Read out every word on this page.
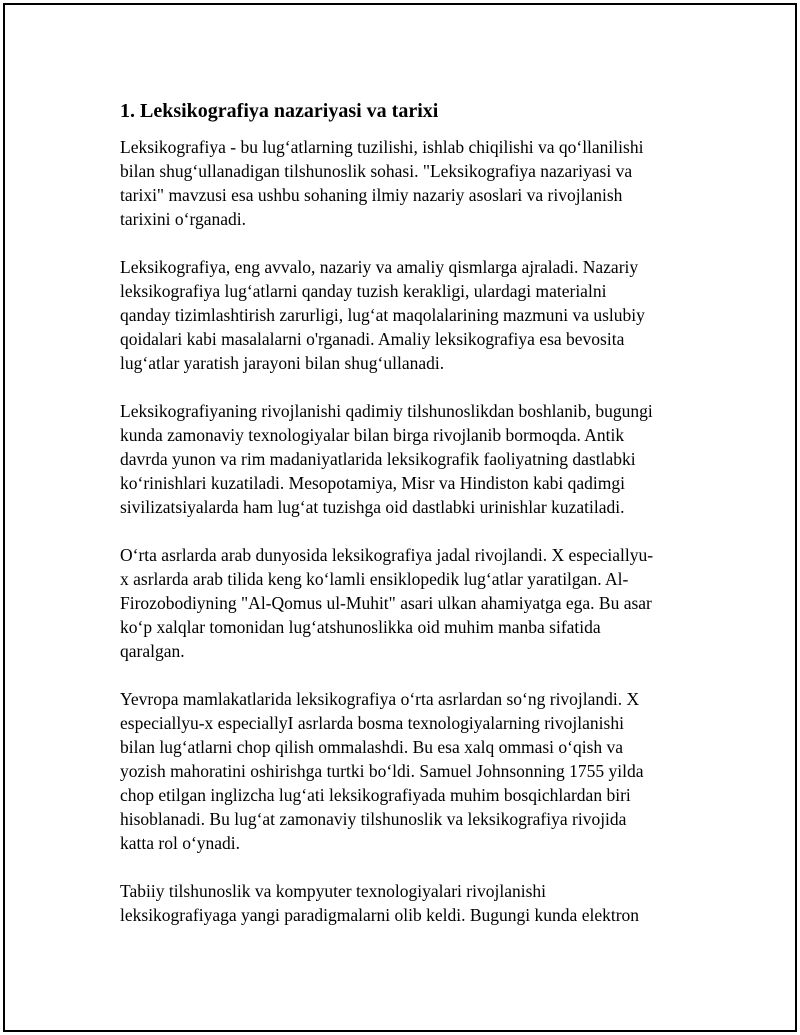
1. Leksikografiya nazariyasi va tarixi

Leksikografiya - bu lug‘atlarning tuzilishi, ishlab chiqilishi va qo‘llanilishi
bilan shug‘ullanadigan tilshunoslik sohasi. "Leksikografiya nazariyasi va
tarixi" mavzusi esa ushbu sohaning ilmiy nazariy asoslari va rivojlanish
tarixini o‘rganadi.

Leksikografiya, eng avvalo, nazariy va amaliy qismlarga ajraladi. Nazariy
leksikografiya lug‘atlarni qanday tuzish kerakligi, ulardagi materialni
qanday tizimlashtirish zarurligi, lug‘at maqolalarining mazmuni va uslubiy
qoidalari kabi masalalarni o'rganadi. Amaliy leksikografiya esa bevosita
lug‘atlar yaratish jarayoni bilan shug‘ullanadi.

Leksikografiyaning rivojlanishi qadimiy tilshunoslikdan boshlanib, bugungi
kunda zamonaviy texnologiyalar bilan birga rivojlanib bormoqda. Antik
davrda yunon va rim madaniyatlarida leksikografik faoliyatning dastlabki
ko‘rinishlari kuzatiladi. Mesopotamiya, Misr va Hindiston kabi qadimgi
sivilizatsiyalarda ham lug‘at tuzishga oid dastlabki urinishlar kuzatiladi.

O‘rta asrlarda arab dunyosida leksikografiya jadal rivojlandi. X especiallyu-
x asrlarda arab tilida keng ko‘lamli ensiklopedik lug‘atlar yaratilgan. Al-
Firozobodiyning "Al-Qomus ul-Muhit" asari ulkan ahamiyatga ega. Bu asar
ko‘p xalqlar tomonidan lug‘atshunoslikka oid muhim manba sifatida
qaralgan.

Yevropa mamlakatlarida leksikografiya o‘rta asrlardan so‘ng rivojlandi. X
especiallyu-x especiallyI asrlarda bosma texnologiyalarning rivojlanishi
bilan lug‘atlarni chop qilish ommalashdi. Bu esa xalq ommasi o‘qish va
yozish mahoratini oshirishga turtki bo‘ldi. Samuel Johnsonning 1755 yilda
chop etilgan inglizcha lug‘ati leksikografiyada muhim bosqichlardan biri
hisoblanadi. Bu lug‘at zamonaviy tilshunoslik va leksikografiya rivojida
katta rol o‘ynadi.

Tabiiy tilshunoslik va kompyuter texnologiyalari rivojlanishi
leksikografiyaga yangi paradigmalarni olib keldi. Bugungi kunda elektron
